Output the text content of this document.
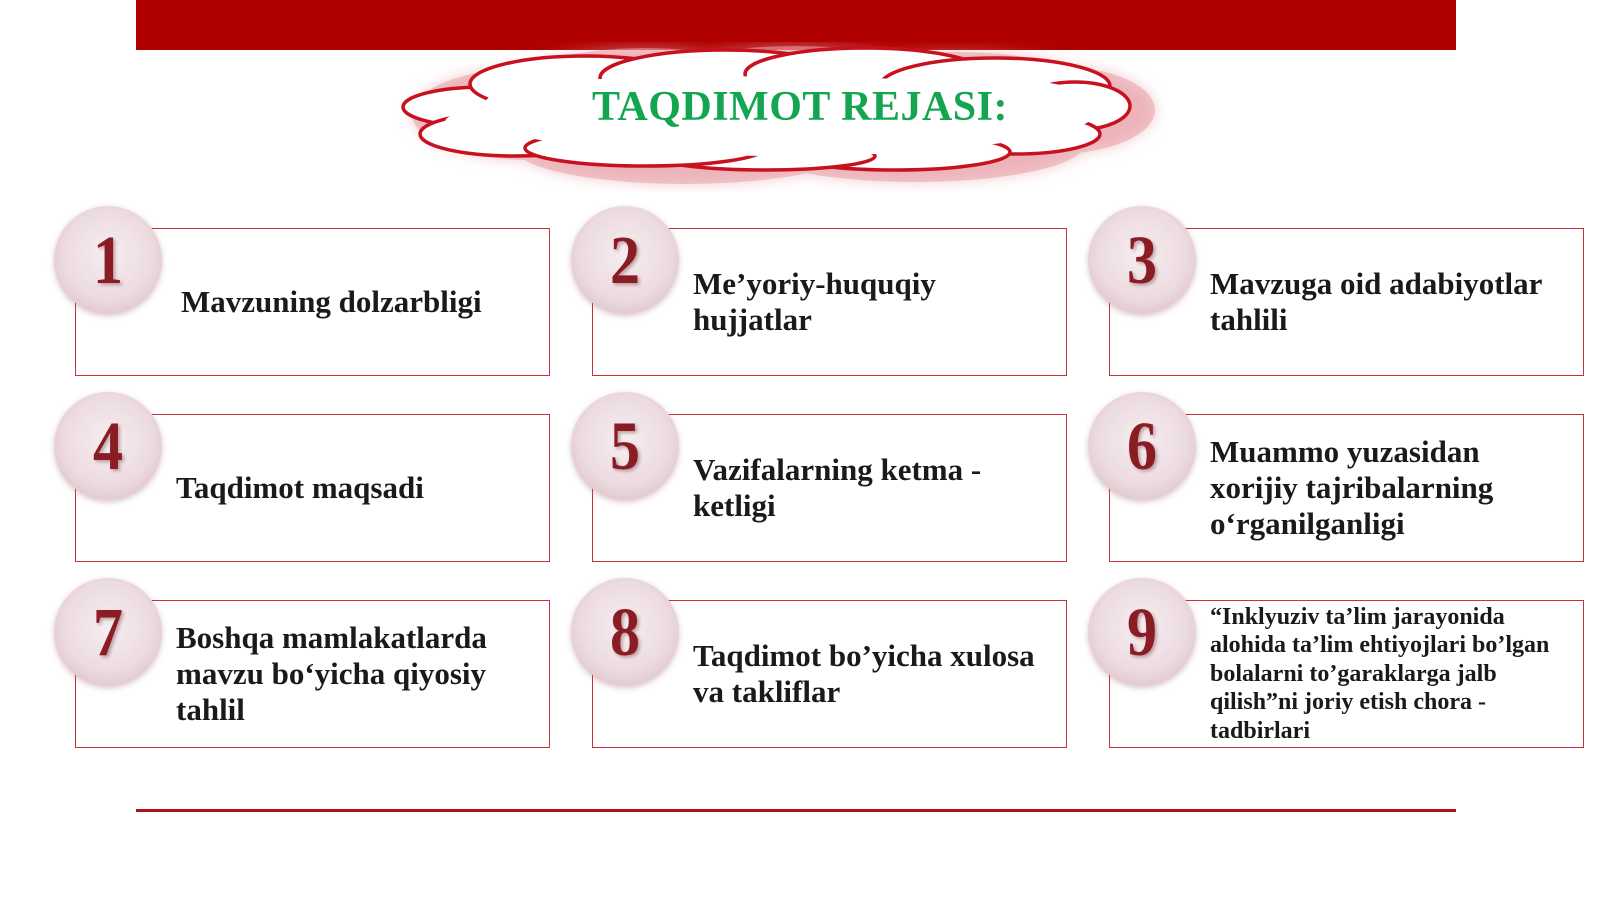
TAQDIMOT REJASI:
Mavzuning dolzarbligi
1	Me’yoriy-huquqiy hujjatlar
2	Mavzuga oid adabiyotlar tahlili
3
Taqdimot maqsadi
4	Vazifalarning ketma - ketligi
5	Muammo yuzasidan xorijiy tajribalarning o‘rganilganligi
6
Boshqa mamlakatlarda mavzu bo‘yicha qiyosiy tahlil
7	Taqdimot bo’yicha xulosa va takliflar
8	“Inklyuziv ta’lim jarayonida alohida ta’lim ehtiyojlari bo’lgan bolalarni to’garaklarga jalb qilish”ni joriy etish chora - tadbirlari
9
